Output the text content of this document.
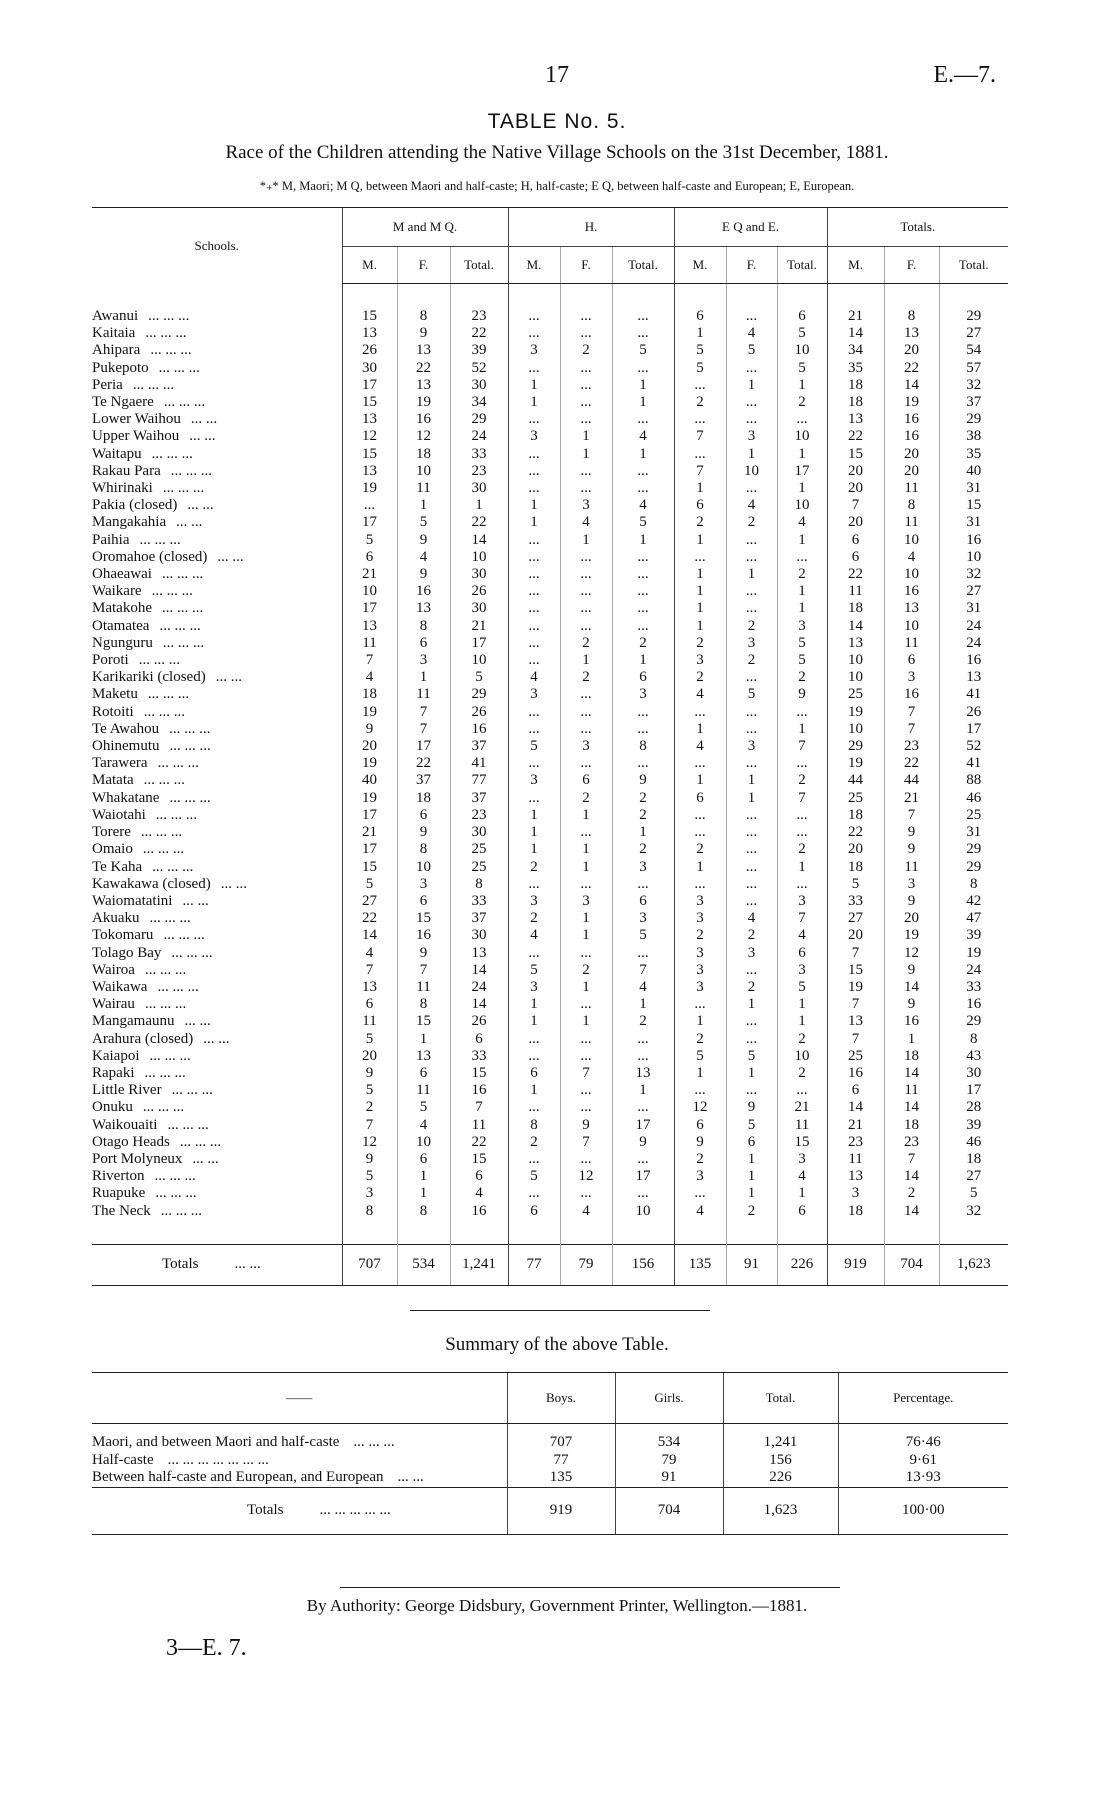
17	E.—7.
TABLE No. 5.
Race of the Children attending the Native Village Schools on the 31st December, 1881.
*₊* M, Maori; M Q, between Maori and half-caste; H, half-caste; E Q, between half-caste and European; E, European.
Schools.	M and M Q.			H.			E Q and E.			Totals.		
	M.	F.	Total.	M.	F.	Total.	M.	F.	Total.	M.	F.	Total.

Awanui ... ... ...	15	8	23	...	...	...	6	...	6	21	8	29
Kaitaia ... ... ...	13	9	22	...	...	...	1	4	5	14	13	27
Ahipara ... ... ...	26	13	39	3	2	5	5	5	10	34	20	54
Pukepoto ... ... ...	30	22	52	...	...	...	5	...	5	35	22	57
Peria ... ... ...	17	13	30	1	...	1	...	1	1	18	14	32
Te Ngaere ... ... ...	15	19	34	1	...	1	2	...	2	18	19	37
Lower Waihou ... ...	13	16	29	...	...	...	...	...	...	13	16	29
Upper Waihou ... ...	12	12	24	3	1	4	7	3	10	22	16	38
Waitapu ... ... ...	15	18	33	...	1	1	...	1	1	15	20	35
Rakau Para ... ... ...	13	10	23	...	...	...	7	10	17	20	20	40
Whirinaki ... ... ...	19	11	30	...	...	...	1	...	1	20	11	31
Pakia (closed) ... ...	...	1	1	1	3	4	6	4	10	7	8	15
Mangakahia ... ...	17	5	22	1	4	5	2	2	4	20	11	31
Paihia ... ... ...	5	9	14	...	1	1	1	...	1	6	10	16
Oromahoe (closed) ... ...	6	4	10	...	...	...	...	...	...	6	4	10
Ohaeawai ... ... ...	21	9	30	...	...	...	1	1	2	22	10	32
Waikare ... ... ...	10	16	26	...	...	...	1	...	1	11	16	27
Matakohe ... ... ...	17	13	30	...	...	...	1	...	1	18	13	31
Otamatea ... ... ...	13	8	21	...	...	...	1	2	3	14	10	24
Ngunguru ... ... ...	11	6	17	...	2	2	2	3	5	13	11	24
Poroti ... ... ...	7	3	10	...	1	1	3	2	5	10	6	16
Karikariki (closed) ... ...	4	1	5	4	2	6	2	...	2	10	3	13
Maketu ... ... ...	18	11	29	3	...	3	4	5	9	25	16	41
Rotoiti ... ... ...	19	7	26	...	...	...	...	...	...	19	7	26
Te Awahou ... ... ...	9	7	16	...	...	...	1	...	1	10	7	17
Ohinemutu ... ... ...	20	17	37	5	3	8	4	3	7	29	23	52
Tarawera ... ... ...	19	22	41	...	...	...	...	...	...	19	22	41
Matata ... ... ...	40	37	77	3	6	9	1	1	2	44	44	88
Whakatane ... ... ...	19	18	37	...	2	2	6	1	7	25	21	46
Waiotahi ... ... ...	17	6	23	1	1	2	...	...	...	18	7	25
Torere ... ... ...	21	9	30	1	...	1	...	...	...	22	9	31
Omaio ... ... ...	17	8	25	1	1	2	2	...	2	20	9	29
Te Kaha ... ... ...	15	10	25	2	1	3	1	...	1	18	11	29
Kawakawa (closed) ... ...	5	3	8	...	...	...	...	...	...	5	3	8
Waiomatatini ... ...	27	6	33	3	3	6	3	...	3	33	9	42
Akuaku ... ... ...	22	15	37	2	1	3	3	4	7	27	20	47
Tokomaru ... ... ...	14	16	30	4	1	5	2	2	4	20	19	39
Tolago Bay ... ... ...	4	9	13	...	...	...	3	3	6	7	12	19
Wairoa ... ... ...	7	7	14	5	2	7	3	...	3	15	9	24
Waikawa ... ... ...	13	11	24	3	1	4	3	2	5	19	14	33
Wairau ... ... ...	6	8	14	1	...	1	...	1	1	7	9	16
Mangamaunu ... ...	11	15	26	1	1	2	1	...	1	13	16	29
Arahura (closed) ... ...	5	1	6	...	...	...	2	...	2	7	1	8
Kaiapoi ... ... ...	20	13	33	...	...	...	5	5	10	25	18	43
Rapaki ... ... ...	9	6	15	6	7	13	1	1	2	16	14	30
Little River ... ... ...	5	11	16	1	...	1	...	...	...	6	11	17
Onuku ... ... ...	2	5	7	...	...	...	12	9	21	14	14	28
Waikouaiti ... ... ...	7	4	11	8	9	17	6	5	11	21	18	39
Otago Heads ... ... ...	12	10	22	2	7	9	9	6	15	23	23	46
Port Molyneux ... ...	9	6	15	...	...	...	2	1	3	11	7	18
Riverton ... ... ...	5	1	6	5	12	17	3	1	4	13	14	27
Ruapuke ... ... ...	3	1	4	...	...	...	...	1	1	3	2	5
The Neck ... ... ...	8	8	16	6	4	10	4	2	6	18	14	32

Totals ... ...	707	534	1,241	77	79	156	135	91	226	919	704	1,623
Summary of the above Table.
——	Boys.	Girls.	Total.	Percentage.
Maori, and between Maori and half-caste ... ... ...	707	534	1,241	76·46
Half-caste ... ... ... ... ... ... ...	77	79	156	9·61
Between half-caste and European, and European ... ...	135	91	226	13·93
Totals ... ... ... ... ...	919	704	1,623	100·00
By Authority: George Didsbury, Government Printer, Wellington.—1881.
3—E. 7.
